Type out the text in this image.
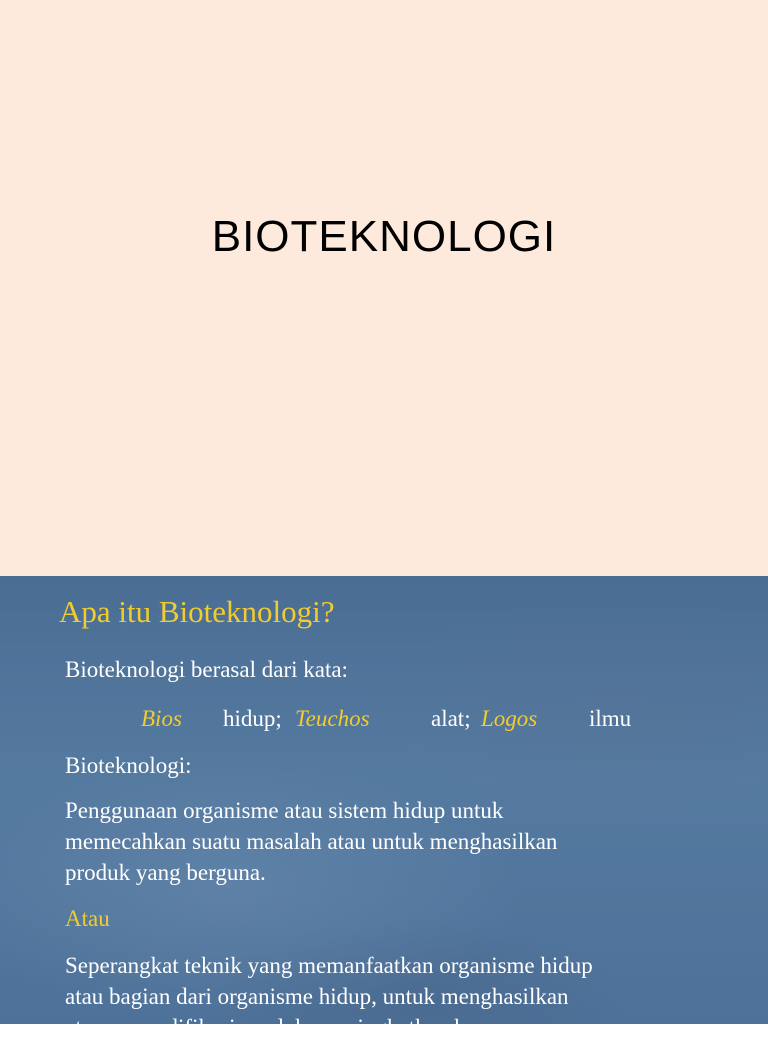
BIOTEKNOLOGI
Apa itu Bioteknologi?
Bioteknologi berasal dari kata:
Bios hidup; Teuchos	alat; Logos ilmu
Bioteknologi:
Penggunaan organisme atau sistem hidup untuk
memecahkan suatu masalah atau untuk menghasilkan
produk yang berguna.
Atau
Seperangkat teknik yang memanfaatkan organisme hidup
atau bagian dari organisme hidup, untuk menghasilkan
atau memodifikasi produk, meningkatkan kemampuan
